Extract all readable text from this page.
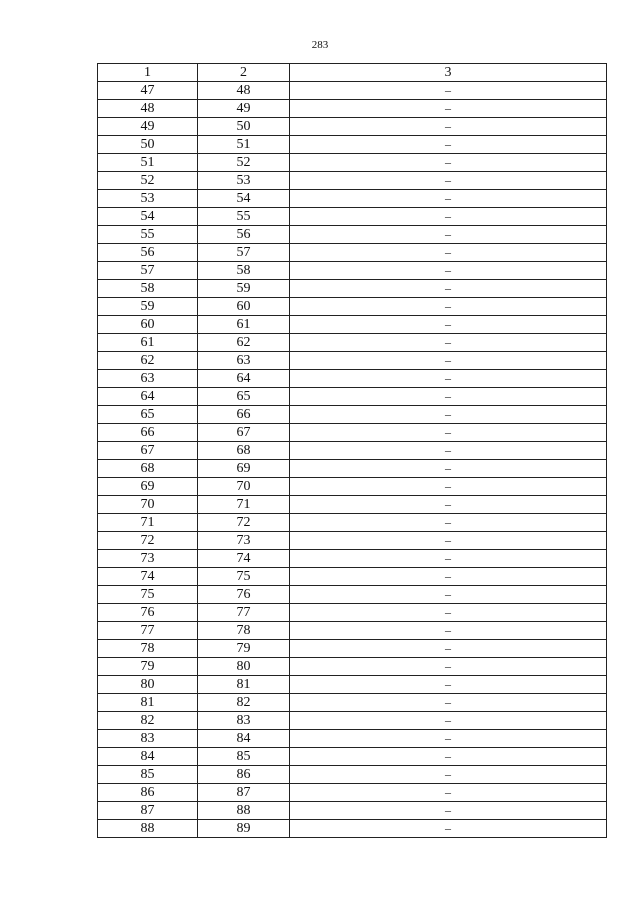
283
1	2	3
47	48	–
48	49	–
49	50	–
50	51	–
51	52	–
52	53	–
53	54	–
54	55	–
55	56	–
56	57	–
57	58	–
58	59	–
59	60	–
60	61	–
61	62	–
62	63	–
63	64	–
64	65	–
65	66	–
66	67	–
67	68	–
68	69	–
69	70	–
70	71	–
71	72	–
72	73	–
73	74	–
74	75	–
75	76	–
76	77	–
77	78	–
78	79	–
79	80	–
80	81	–
81	82	–
82	83	–
83	84	–
84	85	–
85	86	–
86	87	–
87	88	–
88	89	–
